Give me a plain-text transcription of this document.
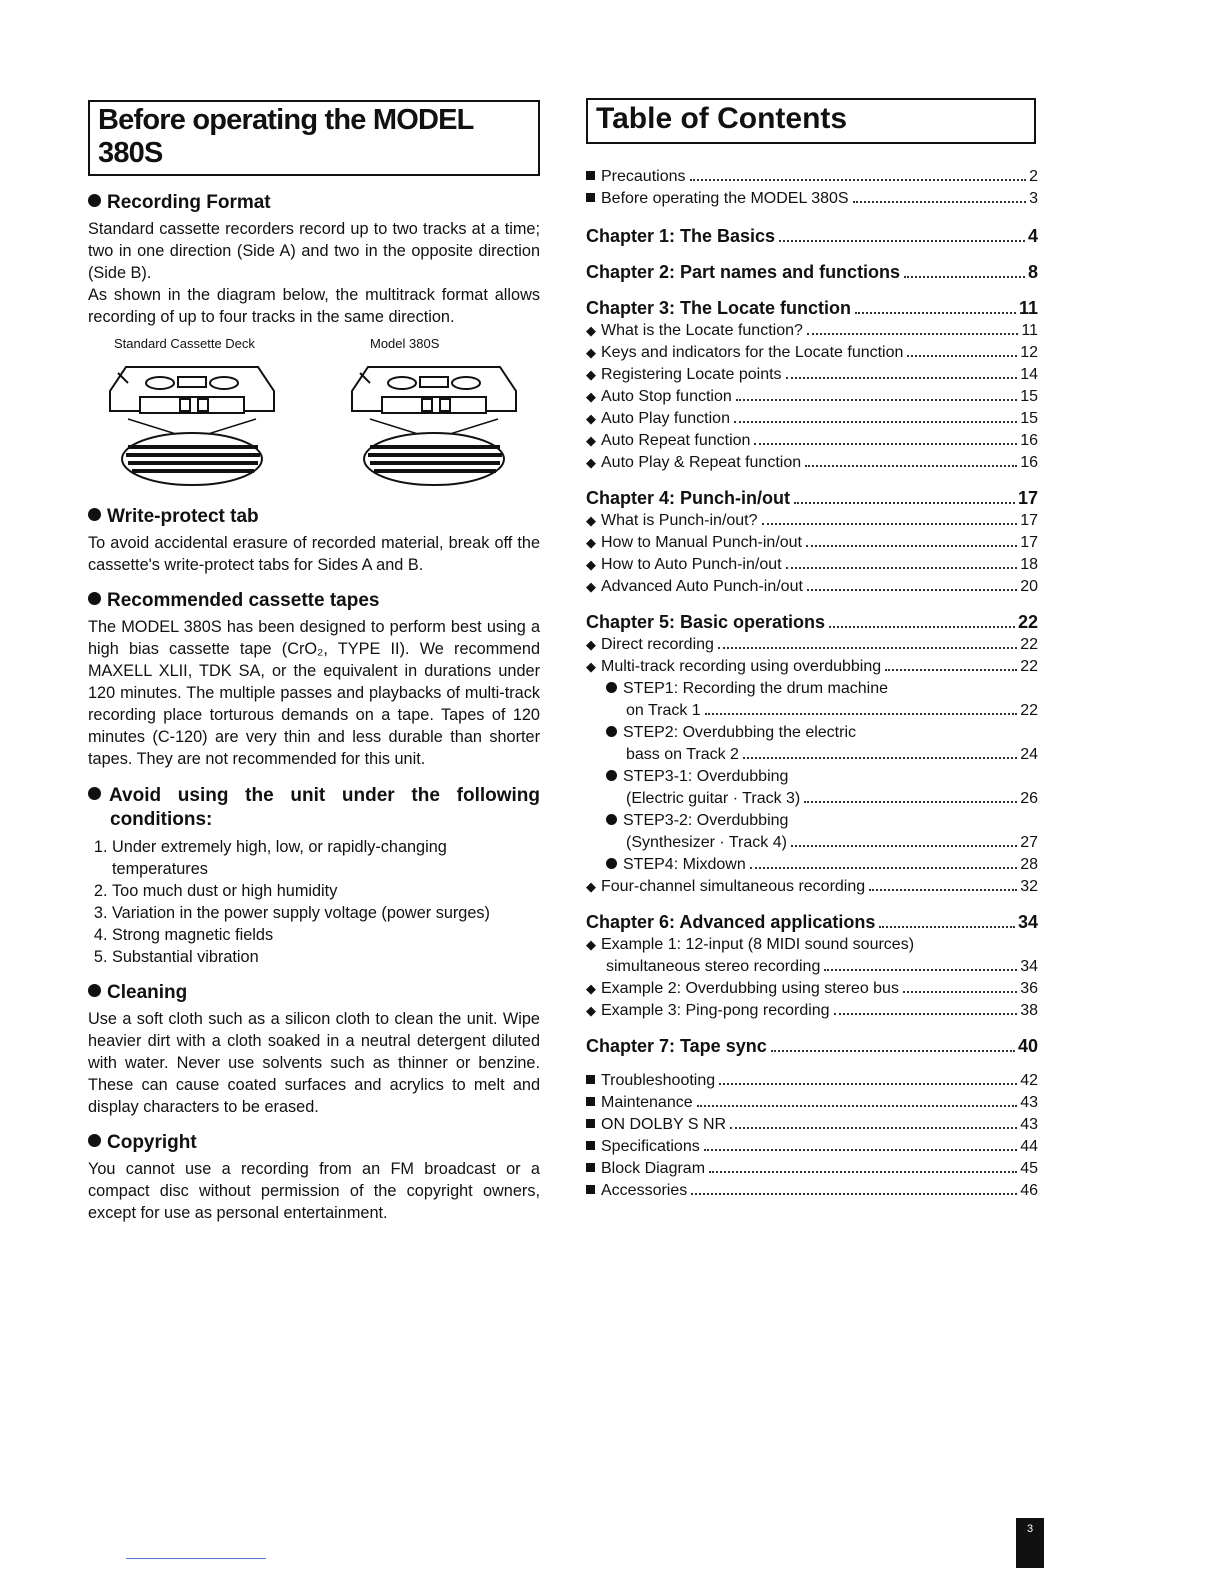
Before operating the MODEL 380S
Recording Format

Standard cassette recorders record up to two tracks at a time; two in one direction (Side A) and two in the opposite direction (Side B).

As shown in the diagram below, the multitrack format allows recording of up to four tracks in the same direction.

Standard Cassette Deck	Model 380S
Write-protect tab

To avoid accidental erasure of recorded material, break off the cassette's write-protect tabs for Sides A and B.

Recommended cassette tapes

The MODEL 380S has been designed to perform best using a high bias cassette tape (CrO₂, TYPE II). We recommend MAXELL XLII, TDK SA, or the equivalent in durations under 120 minutes. The multiple passes and playbacks of multi-track recording place torturous demands on a tape. Tapes of 120 minutes (C-120) are very thin and less durable than shorter tapes. They are not recommended for this unit.

Avoid using the unit under the following conditions:
1. Under extremely high, low, or rapidly-changing temperatures
2. Too much dust or high humidity
3. Variation in the power supply voltage (power surges)
4. Strong magnetic fields
5. Substantial vibration
Cleaning

Use a soft cloth such as a silicon cloth to clean the unit. Wipe heavier dirt with a cloth soaked in a neutral detergent diluted with water. Never use solvents such as thinner or benzine. These can cause coated surfaces and acrylics to melt and display characters to be erased.

Copyright

You cannot use a recording from an FM broadcast or a compact disc without permission of the copyright owners, except for use as personal entertainment.

Table of Contents
Precautions	2
Before operating the MODEL 380S	3
Chapter 1: The Basics	4
Chapter 2: Part names and functions	8
Chapter 3: The Locate function	11
◆ What is the Locate function?	11
◆ Keys and indicators for the Locate function	12
◆ Registering Locate points	14
◆ Auto Stop function	15
◆ Auto Play function	15
◆ Auto Repeat function	16
◆ Auto Play & Repeat function	16
Chapter 4: Punch-in/out	17
◆ What is Punch-in/out?	17
◆ How to Manual Punch-in/out	17
◆ How to Auto Punch-in/out	18
◆ Advanced Auto Punch-in/out	20
Chapter 5: Basic operations	22
◆ Direct recording	22
◆ Multi-track recording using overdubbing	22
STEP1: Recording the drum machine
on Track 1	22
STEP2: Overdubbing the electric
bass on Track 2	24
STEP3-1: Overdubbing
(Electric guitar · Track 3)	26
STEP3-2: Overdubbing
(Synthesizer · Track 4)	27
STEP4: Mixdown	28
◆ Four-channel simultaneous recording	32
Chapter 6: Advanced applications	34
◆ Example 1: 12-input (8 MIDI sound sources)
simultaneous stereo recording	34
◆ Example 2: Overdubbing using stereo bus	36
◆ Example 3: Ping-pong recording	38
Chapter 7: Tape sync	40
Troubleshooting	42
Maintenance	43
ON DOLBY S NR	43
Specifications	44
Block Diagram	45
Accessories	46
3
